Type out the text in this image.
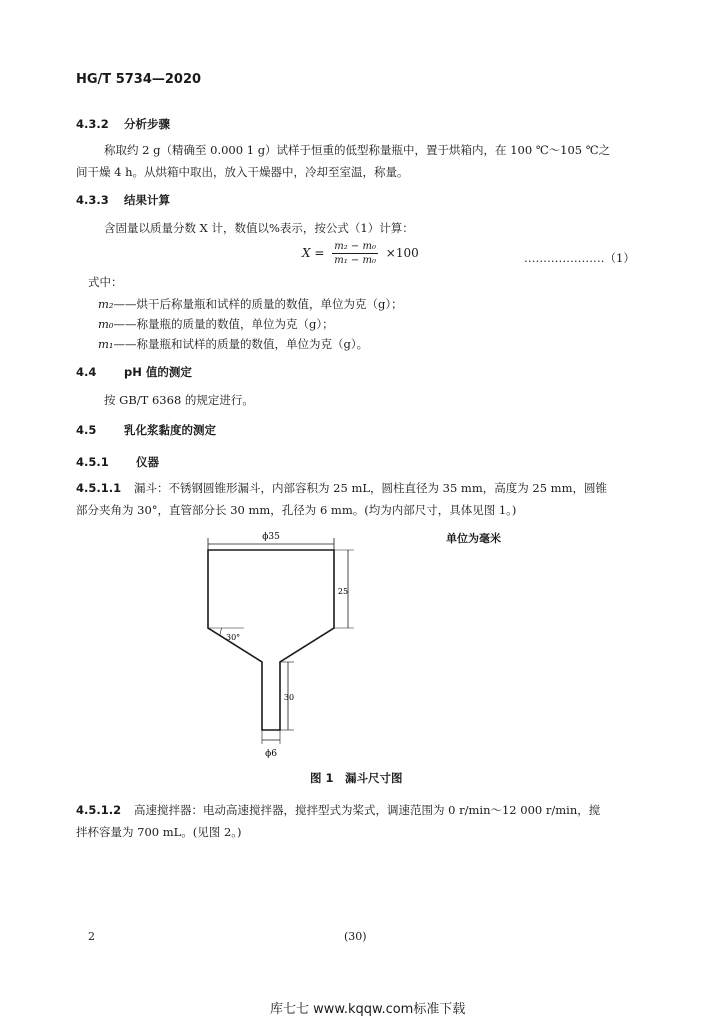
HG/T 5734—2020
4.3.2 分析步骤
称取约 2 g（精确至 0.000 1 g）试样于恒重的低型称量瓶中，置于烘箱内，在 100 ℃～105 ℃之
间干燥 4 h。从烘箱中取出，放入干燥器中，冷却至室温，称量。
4.3.3 结果计算
含固量以质量分数 X 计，数值以%表示，按公式（1）计算：
$X = \frac{\text{m₂ − m₀}}{\text{m₁ − m₀}} \times 100$	…………………（1）
式中：
m₂——烘干后称量瓶和试样的质量的数值，单位为克（g）；
m₀——称量瓶的质量的数值，单位为克（g）；
m₁——称量瓶和试样的质量的数值，单位为克（g）。
4.4 pH 值的测定
按 GB/T 6368 的规定进行。
4.5 乳化浆黏度的测定
4.5.1 仪器
4.5.1.1 漏斗：不锈钢圆锥形漏斗，内部容积为 25 mL，圆柱直径为 35 mm，高度为 25 mm，圆锥
部分夹角为 30°，直管部分长 30 mm，孔径为 6 mm。(均为内部尺寸，具体见图 1。)
单位为毫米
ϕ35
25
30°
30
ϕ6
图 1　漏斗尺寸图
4.5.1.2 高速搅拌器：电动高速搅拌器，搅拌型式为桨式，调速范围为 0 r/min～12 000 r/min，搅
拌杯容量为 700 mL。(见图 2。)
2	(30)
库七七 www.kqqw.com标准下载
